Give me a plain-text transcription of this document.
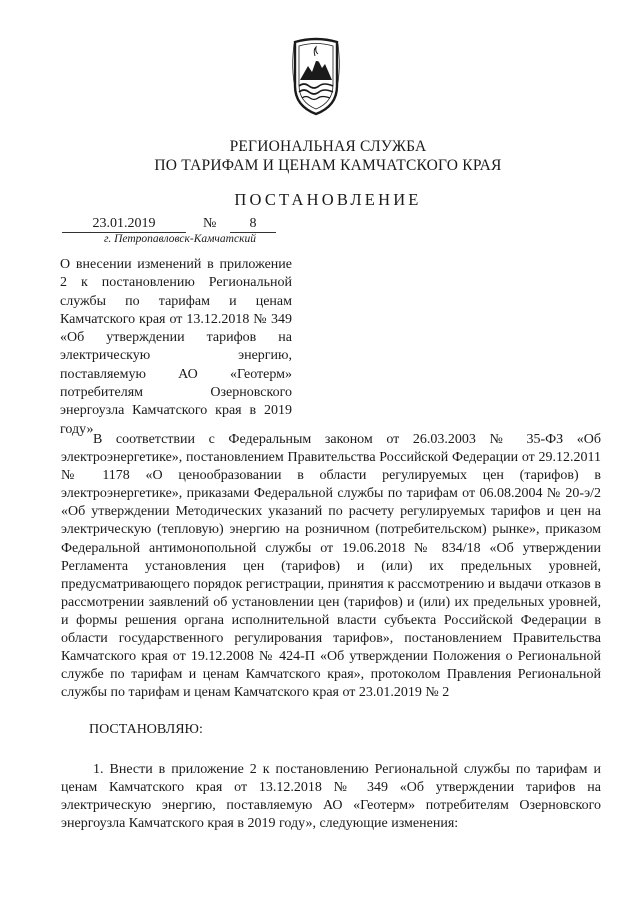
РЕГИОНАЛЬНАЯ СЛУЖБА
ПО ТАРИФАМ И ЦЕНАМ КАМЧАТСКОГО КРАЯ
ПОСТАНОВЛЕНИЕ
23.01.2019	№	8
г. Петропавловск-Камчатский

О внесении изменений в приложение 2 к постановлению Региональной службы по тарифам и ценам Камчатского края от 13.12.2018 № 349 «Об утверждении тарифов на электрическую энергию, поставляемую АО «Геотерм» потребителям Озерновского энергоузла Камчатского края в 2019 году»

В соответствии с Федеральным законом от 26.03.2003 № 35-ФЗ «Об электроэнергетике», постановлением Правительства Российской Федерации от 29.12.2011 № 1178 «О ценообразовании в области регулируемых цен (тарифов) в электроэнергетике», приказами Федеральной службы по тарифам от 06.08.2004 № 20-э/2 «Об утверждении Методических указаний по расчету регулируемых тарифов и цен на электрическую (тепловую) энергию на розничном (потребительском) рынке», приказом Федеральной антимонопольной службы от 19.06.2018 № 834/18 «Об утверждении Регламента установления цен (тарифов) и (или) их предельных уровней, предусматривающего порядок регистрации, принятия к рассмотрению и выдачи отказов в рассмотрении заявлений об установлении цен (тарифов) и (или) их предельных уровней, и формы решения органа исполнительной власти субъекта Российской Федерации в области государственного регулирования тарифов», постановлением Правительства Камчатского края от 19.12.2008 № 424-П «Об утверждении Положения о Региональной службе по тарифам и ценам Камчатского края», протоколом Правления Региональной службы по тарифам и ценам Камчатского края от 23.01.2019 № 2

ПОСТАНОВЛЯЮ:

1. Внести в приложение 2 к постановлению Региональной службы по тарифам и ценам Камчатского края от 13.12.2018 № 349 «Об утверждении тарифов на электрическую энергию, поставляемую АО «Геотерм» потребителям Озерновского энергоузла Камчатского края в 2019 году», следующие изменения:
